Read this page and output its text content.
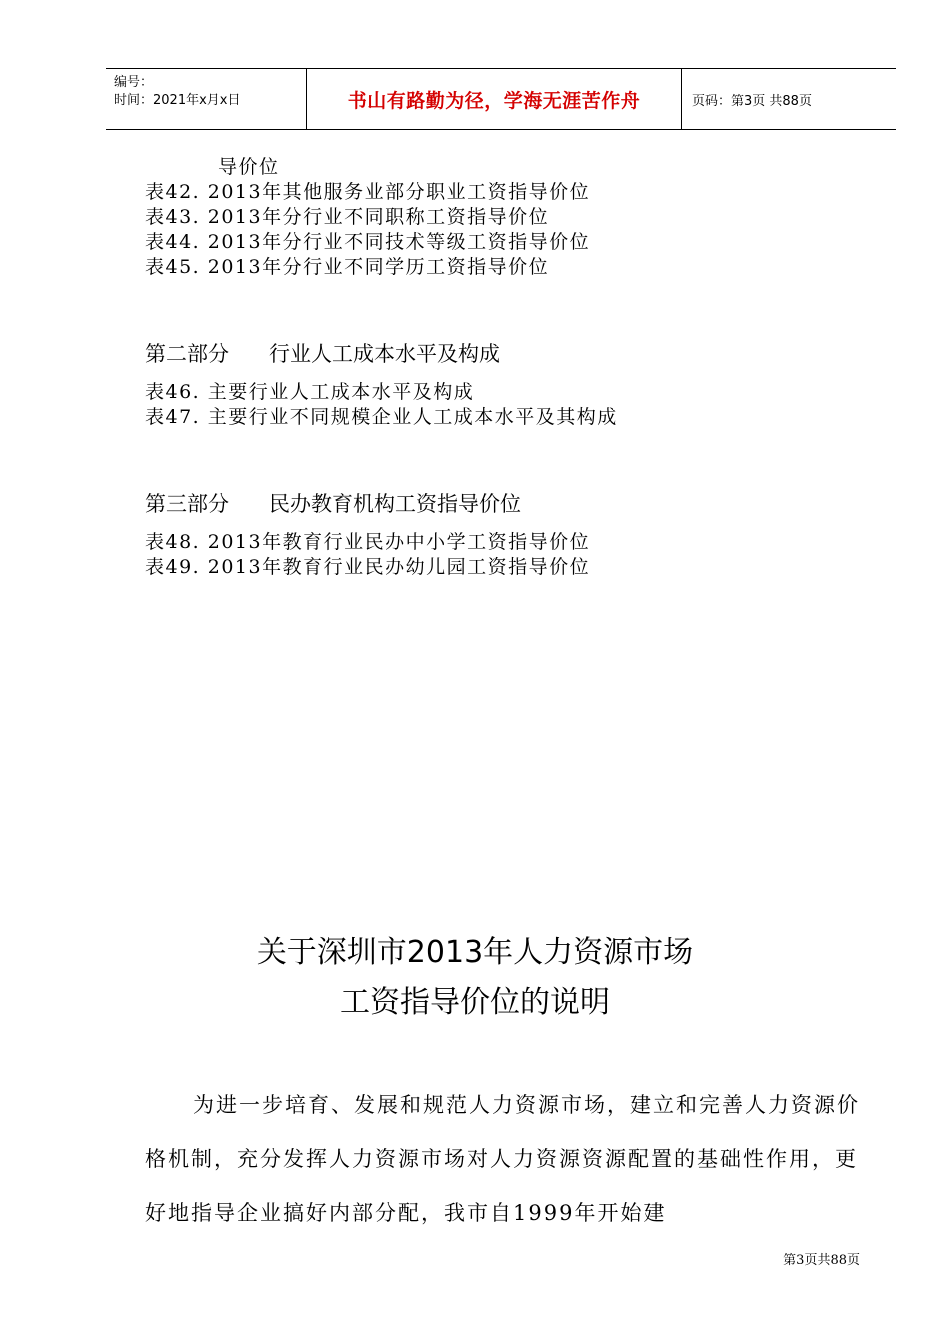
编号：
时间：2021年x月x日	书山有路勤为径，学海无涯苦作舟	页码：第3页 共88页
导价位
表42. 2013年其他服务业部分职业工资指导价位
表43. 2013年分行业不同职称工资指导价位
表44. 2013年分行业不同技术等级工资指导价位
表45. 2013年分行业不同学历工资指导价位
第二部分 行业人工成本水平及构成
表46. 主要行业人工成本水平及构成
表47. 主要行业不同规模企业人工成本水平及其构成
第三部分 民办教育机构工资指导价位
表48. 2013年教育行业民办中小学工资指导价位
表49. 2013年教育行业民办幼儿园工资指导价位
关于深圳市2013年人力资源市场
工资指导价位的说明

为进一步培育、发展和规范人力资源市场，建立和完善人力资源价格机制，充分发挥人力资源市场对人力资源资源配置的基础性作用，更好地指导企业搞好内部分配，我市自1999年开始建

第3页共88页
